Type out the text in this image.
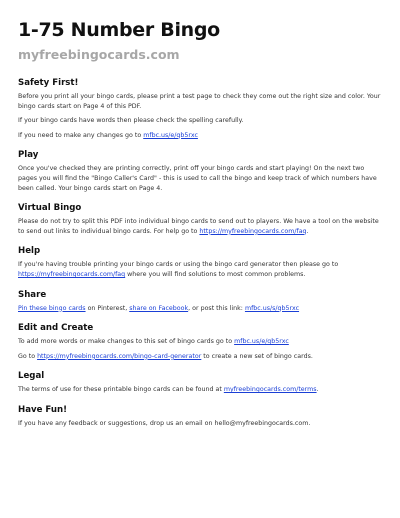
1-75 Number Bingo
myfreebingocards.com
Safety First!

Before you print all your bingo cards, please print a test page to check they come out the right size and color. Your bingo cards start on Page 4 of this PDF.

If your bingo cards have words then please check the spelling carefully.

If you need to make any changes go to mfbc.us/e/qb5rxc

Play

Once you've checked they are printing correctly, print off your bingo cards and start playing! On the next two pages you will find the "Bingo Caller's Card" - this is used to call the bingo and keep track of which numbers have been called. Your bingo cards start on Page 4.

Virtual Bingo

Please do not try to split this PDF into individual bingo cards to send out to players. We have a tool on the website to send out links to individual bingo cards. For help go to https://myfreebingocards.com/faq.

Help

If you're having trouble printing your bingo cards or using the bingo card generator then please go to https://myfreebingocards.com/faq where you will find solutions to most common problems.

Share

Pin these bingo cards on Pinterest, share on Facebook, or post this link: mfbc.us/s/qb5rxc

Edit and Create

To add more words or make changes to this set of bingo cards go to mfbc.us/e/qb5rxc

Go to https://myfreebingocards.com/bingo-card-generator to create a new set of bingo cards.

Legal

The terms of use for these printable bingo cards can be found at myfreebingocards.com/terms.

Have Fun!

If you have any feedback or suggestions, drop us an email on hello@myfreebingocards.com.
